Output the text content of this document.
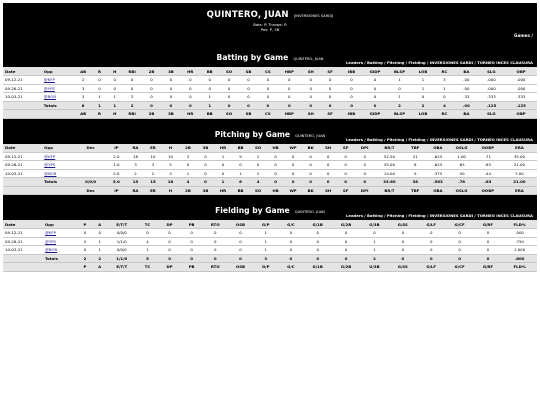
QUINTERO, JUAN [INVERSIONES SARDI]
Bats: R Throws: R
Pos: P, 3B
Games /
Batting by Game QUINTERO, JUAN
Leaders / Batting / Pitching / Fielding / INVERSIONES SARDI / TORNEO INCES CLAUSURA
Date	Opp	AB	R	H	RBI	2B	3B	HR	BB	SO	SB	CS	HBP	SH	SF	IBB	GIDP	BLSP	LOB	RC	BA	SLG	OBP
09-12-21	@KFP	2	0	0	0	0	0	0	0	0	0	0	0	0	0	0	0	1	1	3	.00	.000	.000
09-26-21	@YPS	3	0	0	0	0	0	0	0	0	0	0	0	0	0	0	0	0	1	1	.00	.000	.000
10-03-21	@BOR	3	1	1	2	0	0	0	1	0	0	0	0	0	0	0	0	1	0	0	.32	.333	.333
	Totals	8	1	1	2	0	0	0	1	0	0	0	0	0	0	0	0	2	2	4	.00	.125	.125
		AB	R	H	RBI	2B	3B	HR	BB	SO	SB	CS	HBP	SH	SF	IBB	GIDP	BLSP	LOB	RC	BA	SLG	OBP
Pitching by Game QUINTERO, JUAN
Leaders / Batting / Pitching / Fielding / INVERSIONES SARDI / TORNEO INCES CLAUSURA
Date	Opp	Dec	IP	RA	ER	H	2B	3B	HR	BB	SO	HB	WP	BK	SH	SF	DPI	BR/7	TBF	OBA	OSLG	OOBP	ERA
09-12-21	@KFP		2.0	18	10	10	3	0	1	9	2	0	0	0	0	0	0	52.50	21	.625	1.00	.71	35.00
09-26-21	@YPS		1.0	3	3	5	0	0	0	0	0	0	0	0	0	0	0	35.00	8	.625	.63	.63	21.00
10-03-21	@BOR		2.0	2	2	3	1	0	0	1	2	0	0	0	0	0	0	14.00	9	.375	.50	.44	7.00
	Totals	0/0/0	5.0	15	15	18	4	0	1	6	4	0	0	0	0	0	0	33.60	38	.563	.78	.63	21.00
		Dec	IP	RA	ER	H	2B	3B	HR	BB	SO	HB	WP	BK	SH	SF	DPI	BR/7	TBF	OBA	OSLG	OOBP	ERA
Fielding by Game QUINTERO, JUAN
Leaders / Batting / Pitching / Fielding / INVERSIONES SARDI / TORNEO INCES CLAUSURA
Date	Opp	P	A	E/T/T	TC	DP	PB	RTO	OSB	G/P	G/C	G/1B	G/2B	G/3B	G/SS	G/LF	G/CF	G/RF	FLD%
09-12-21	@KFP	0	0	0/0/0	0	0	0	0	0	1	0	0	0	0	0	0	0	0	.000
09-26-21	@YPS	2	1	1/1/0	4	0	0	0	0	1	0	0	0	1	0	0	0	0	.750
10-03-21	@BOR	0	1	0/0/0	1	0	0	0	0	1	0	0	0	1	0	0	0	0	1.000
	Totals	2	2	1/1/0	5	0	0	0	0	3	0	0	0	2	0	0	0	0	.800
		P	A	E/T/T	TC	DP	PB	RTO	OSB	G/P	G/C	G/1B	G/2B	G/3B	G/SS	G/LF	G/CF	G/RF	FLD%
